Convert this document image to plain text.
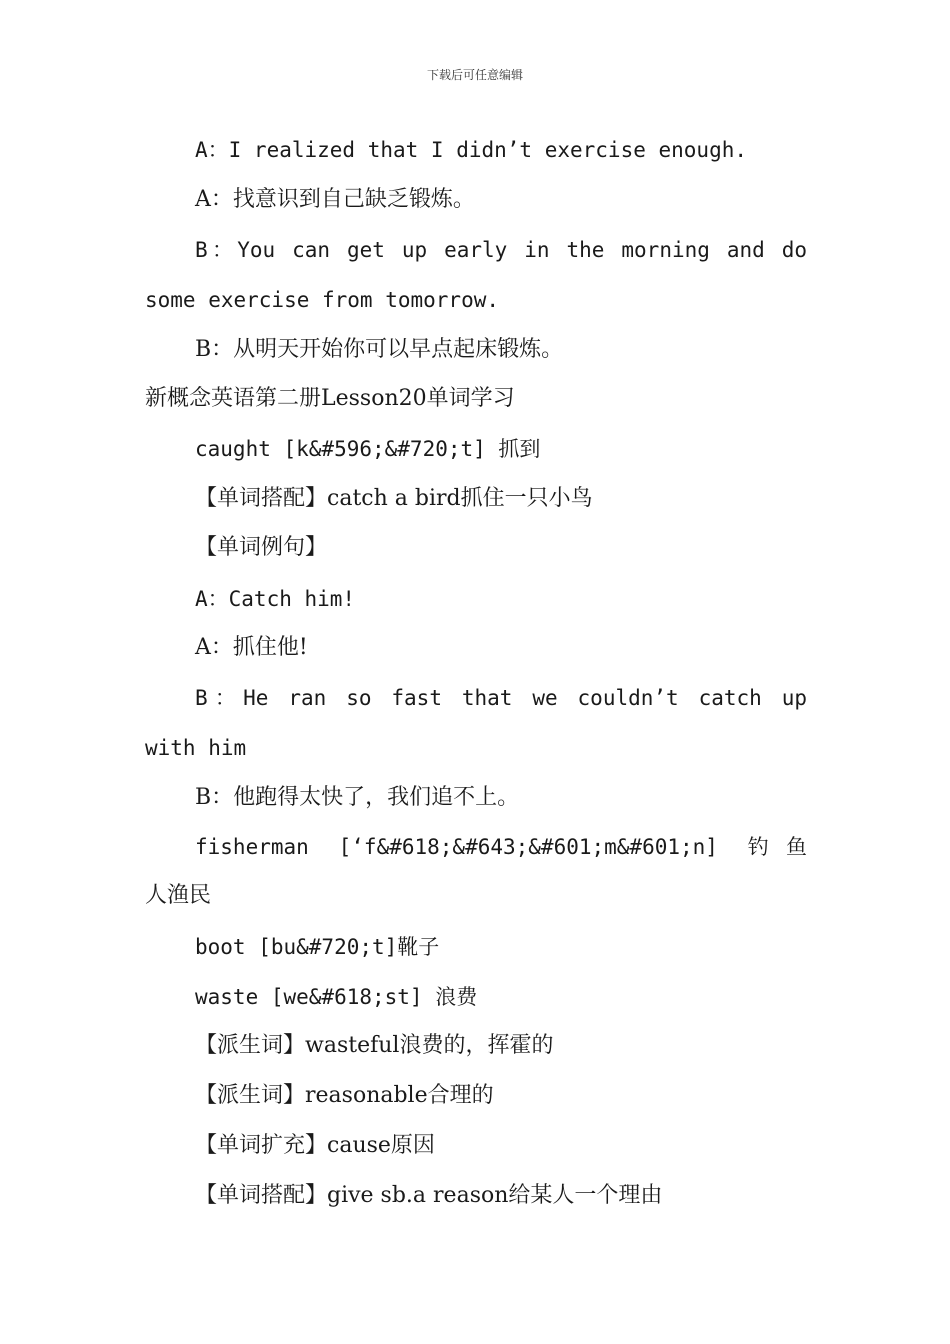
下载后可任意编辑
A：I realized that I didn’t exercise enough.
A：找意识到自己缺乏锻炼。
B：You can get up early in the morning and do
some exercise from tomorrow.
B：从明天开始你可以早点起床锻炼。
新概念英语第二册Lesson20单词学习
caught [k&#596;&#720;t] 抓到
【单词搭配】catch a bird抓住一只小鸟
【单词例句】
A：Catch him!
A：抓住他!
B：He ran so fast that we couldn’t catch up
with him
B：他跑得太快了，我们追不上。
fisherman [‘f&#618;&#643;&#601;m&#601;n] 钓鱼
人渔民
boot [bu&#720;t]靴子
waste [we&#618;st] 浪费
【派生词】wasteful浪费的，挥霍的
【派生词】reasonable合理的
【单词扩充】cause原因
【单词搭配】give sb.a reason给某人一个理由
